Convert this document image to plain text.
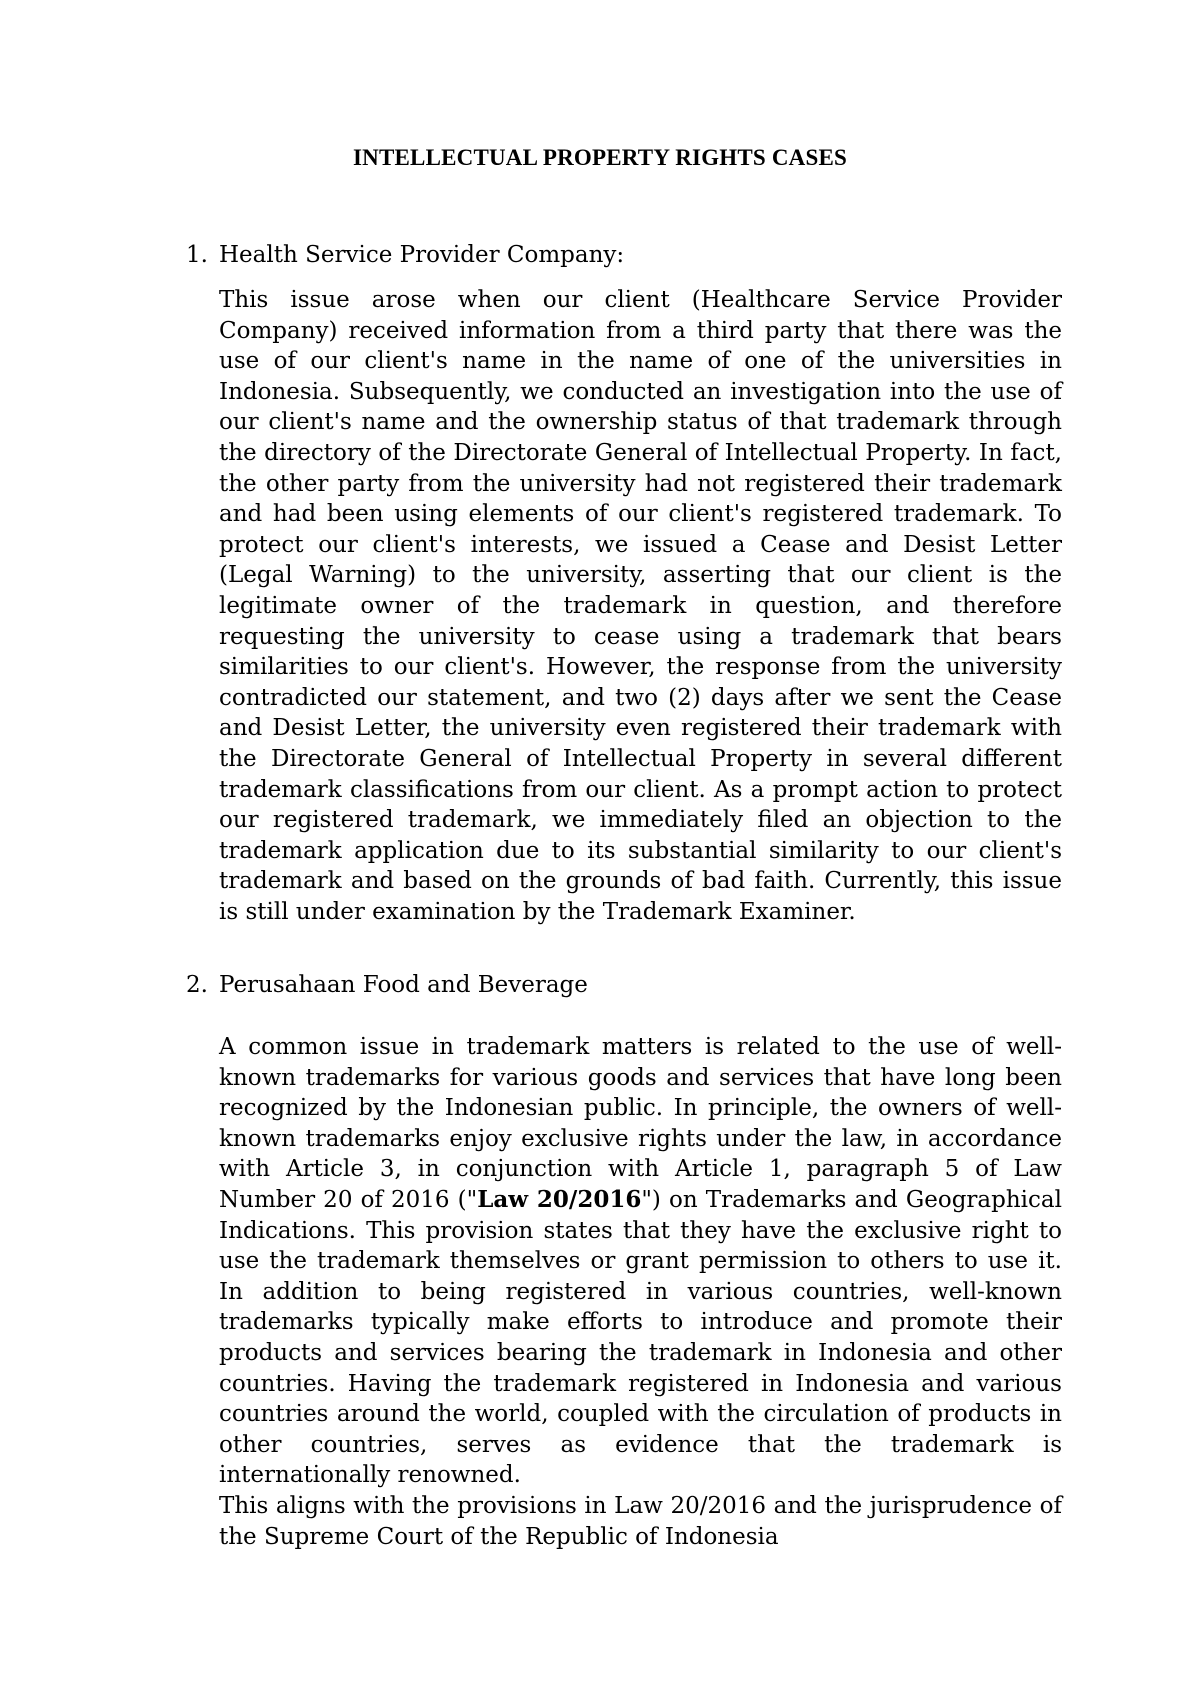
INTELLECTUAL PROPERTY RIGHTS CASES
1. Health Service Provider Company:

This issue arose when our client (Healthcare Service Provider Company) received information from a third party that there was the use of our client's name in the name of one of the universities in Indonesia. Subsequently, we conducted an investigation into the use of our client's name and the ownership status of that trademark through the directory of the Directorate General of Intellectual Property. In fact, the other party from the university had not registered their trademark and had been using elements of our client's registered trademark. To protect our client's interests, we issued a Cease and Desist Letter (Legal Warning) to the university, asserting that our client is the legitimate owner of the trademark in question, and therefore requesting the university to cease using a trademark that bears similarities to our client's. However, the response from the university contradicted our statement, and two (2) days after we sent the Cease and Desist Letter, the university even registered their trademark with the Directorate General of Intellectual Property in several different trademark classifications from our client. As a prompt action to protect our registered trademark, we immediately filed an objection to the trademark application due to its substantial similarity to our client's trademark and based on the grounds of bad faith. Currently, this issue is still under examination by the Trademark Examiner.

2. Perusahaan Food and Beverage

A common issue in trademark matters is related to the use of well-known trademarks for various goods and services that have long been recognized by the Indonesian public. In principle, the owners of well-known trademarks enjoy exclusive rights under the law, in accordance with Article 3, in conjunction with Article 1, paragraph 5 of Law Number 20 of 2016 ("Law 20/2016") on Trademarks and Geographical Indications. This provision states that they have the exclusive right to use the trademark themselves or grant permission to others to use it. In addition to being registered in various countries, well-known trademarks typically make efforts to introduce and promote their products and services bearing the trademark in Indonesia and other countries. Having the trademark registered in Indonesia and various countries around the world, coupled with the circulation of products in other countries, serves as evidence that the trademark is internationally renowned.

This aligns with the provisions in Law 20/2016 and the jurisprudence of the Supreme Court of the Republic of Indonesia
